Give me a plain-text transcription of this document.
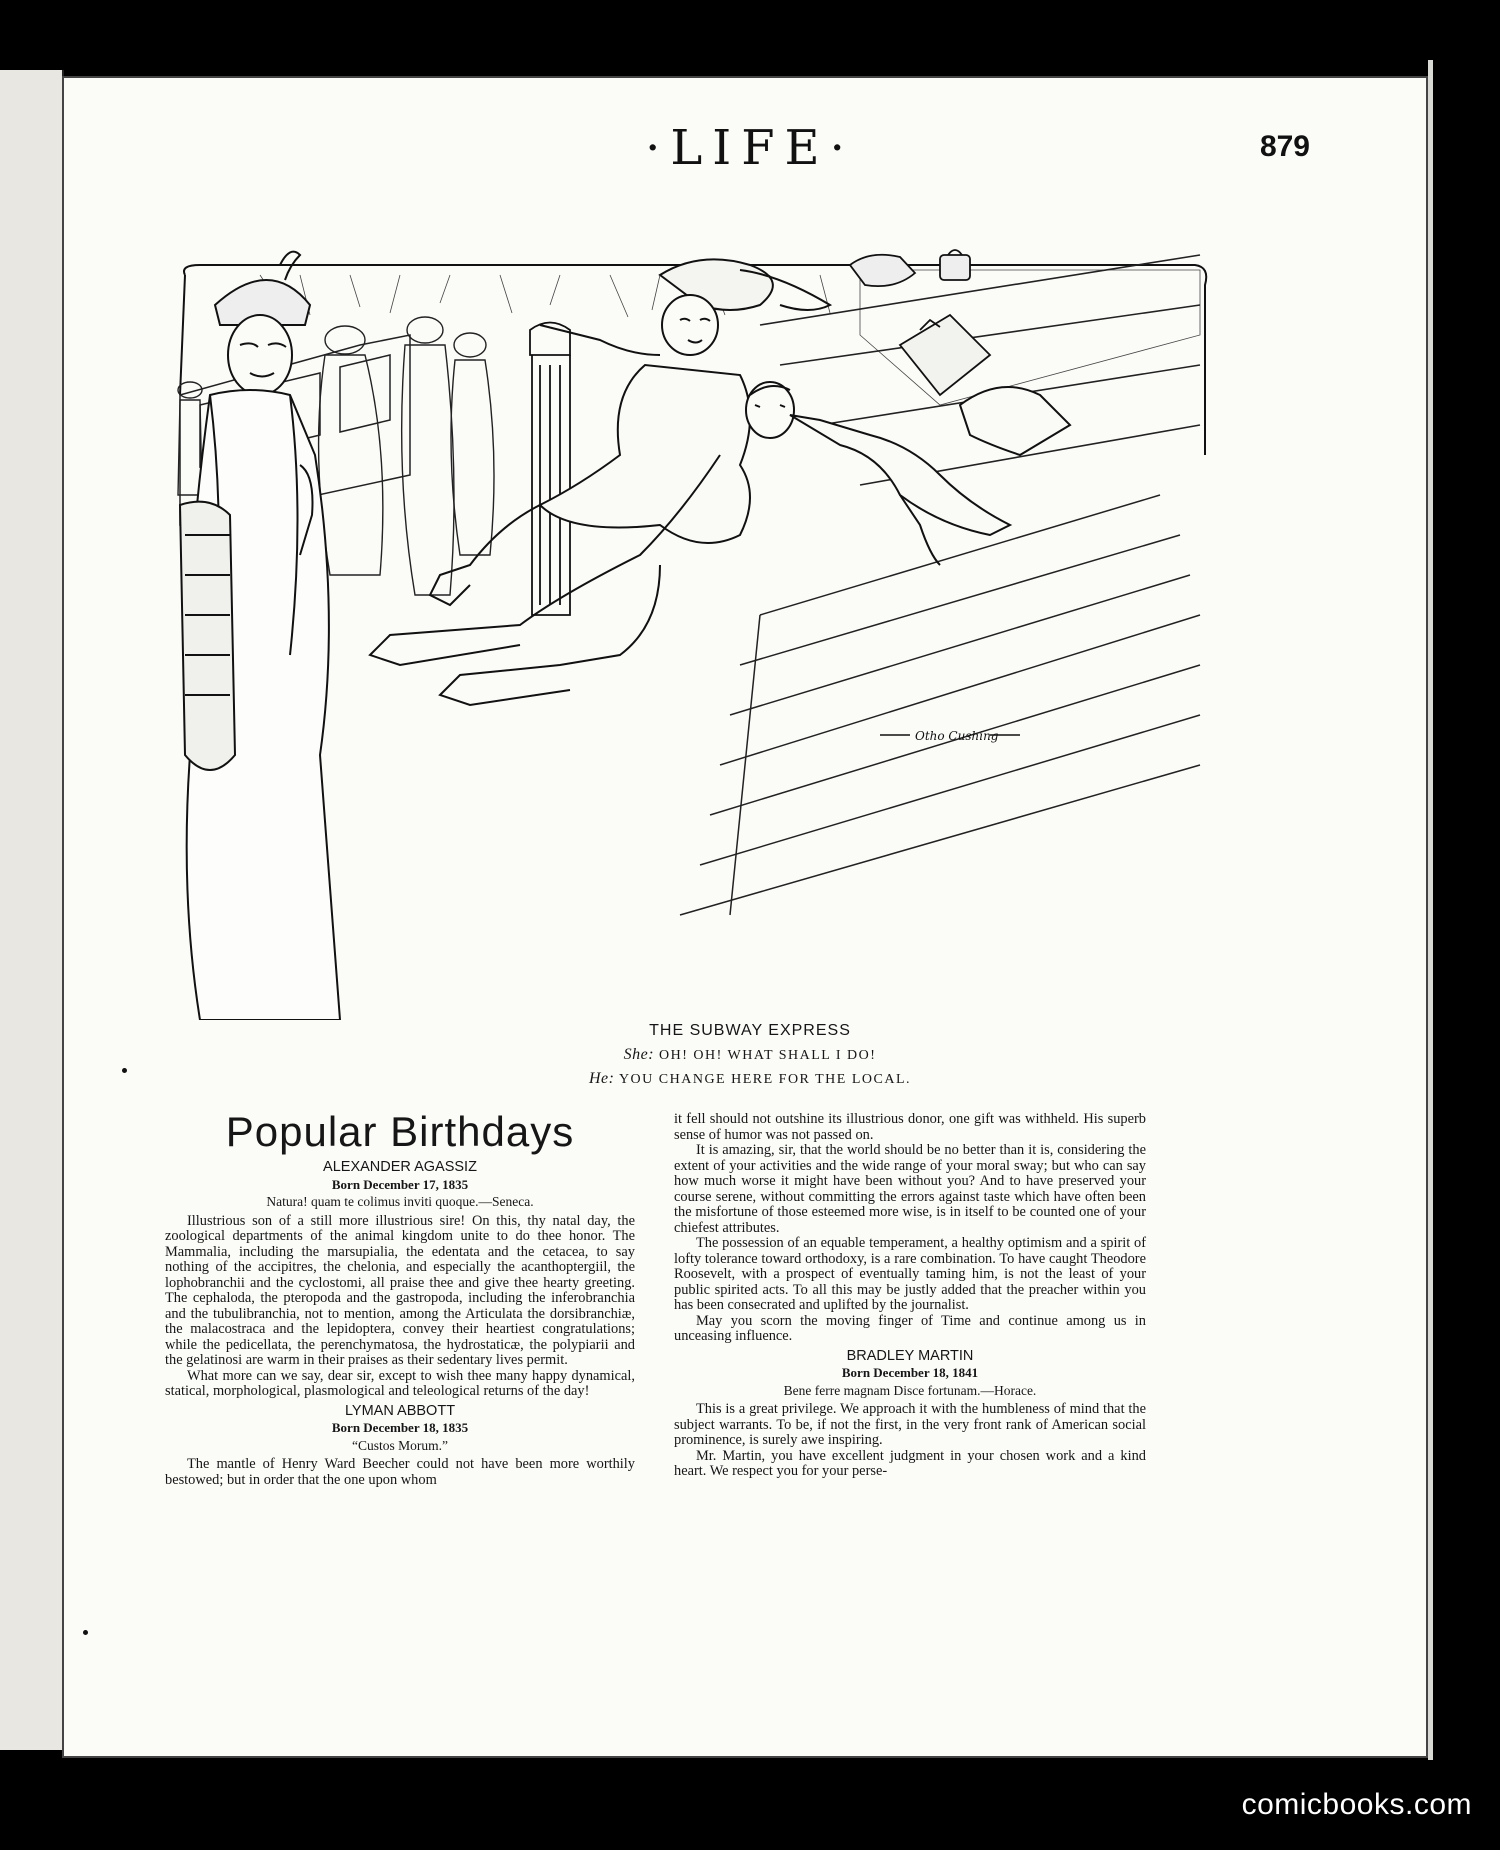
·LIFE·	879
Otho Cushing
THE SUBWAY EXPRESS
She: OH! OH! WHAT SHALL I DO!
He: YOU CHANGE HERE FOR THE LOCAL.
Popular Birthdays
ALEXANDER AGASSIZ
Born December 17, 1835
Natura! quam te colimus inviti quoque.—Seneca.

Illustrious son of a still more illustrious sire! On this, thy natal day, the zoological departments of the animal kingdom unite to do thee honor. The Mammalia, including the marsupialia, the edentata and the cetacea, to say nothing of the accipitres, the chelonia, and especially the acanthoptergiil, the lophobranchii and the cyclostomi, all praise thee and give thee hearty greeting. The cephaloda, the pteropoda and the gastropoda, including the inferobranchia and the tubulibranchia, not to mention, among the Articulata the dorsibranchiæ, the malacostraca and the lepidoptera, convey their heartiest congratulations; while the pedicellata, the perenchymatosa, the hydrostaticæ, the polypiarii and the gelatinosi are warm in their praises as their sedentary lives permit.

What more can we say, dear sir, except to wish thee many happy dynamical, statical, morphological, plasmological and teleological returns of the day!

LYMAN ABBOTT
Born December 18, 1835
“Custos Morum.”

The mantle of Henry Ward Beecher could not have been more worthily bestowed; but in order that the one upon whom

it fell should not outshine its illustrious donor, one gift was withheld. His superb sense of humor was not passed on.

It is amazing, sir, that the world should be no better than it is, considering the extent of your activities and the wide range of your moral sway; but who can say how much worse it might have been without you? And to have preserved your course serene, without committing the errors against taste which have often been the misfortune of those esteemed more wise, is in itself to be counted one of your chiefest attributes.

The possession of an equable temperament, a healthy optimism and a spirit of lofty tolerance toward orthodoxy, is a rare combination. To have caught Theodore Roosevelt, with a prospect of eventually taming him, is not the least of your public spirited acts. To all this may be justly added that the preacher within you has been consecrated and uplifted by the journalist.

May you scorn the moving finger of Time and continue among us in unceasing influence.

BRADLEY MARTIN
Born December 18, 1841
Bene ferre magnam Disce fortunam.—Horace.

This is a great privilege. We approach it with the humbleness of mind that the subject warrants. To be, if not the first, in the very front rank of American social prominence, is surely awe inspiring.

Mr. Martin, you have excellent judgment in your chosen work and a kind heart. We respect you for your perse-

comicbooks.com
